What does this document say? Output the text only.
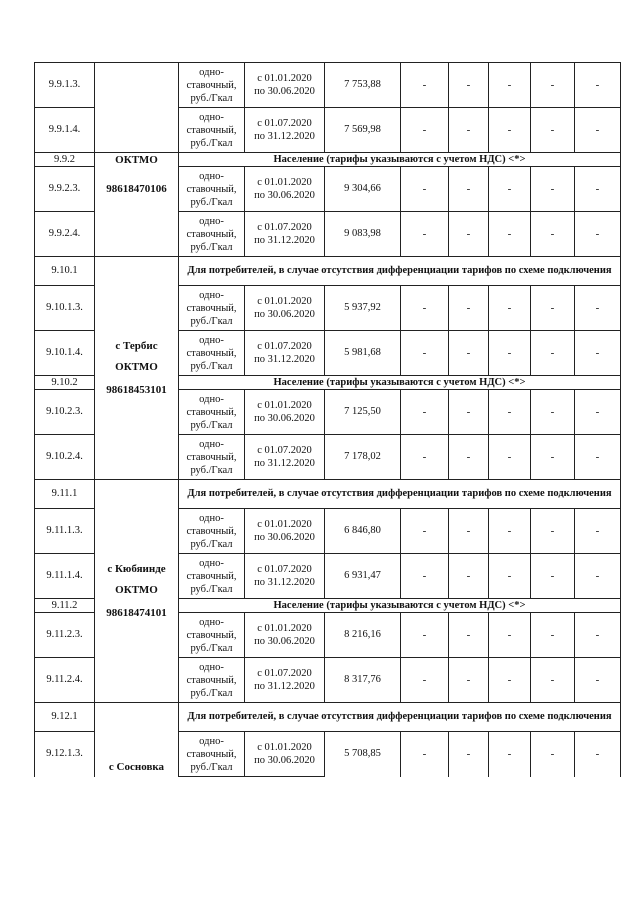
9.9.1.3.		одно-
ставочный,
руб./Гкал	с 01.01.2020
по 30.06.2020	7 753,88	-	-	-	-	-
9.9.1.4.		одно-
ставочный,
руб./Гкал	с 01.07.2020
по 31.12.2020	7 569,98	-	-	-	-	-
9.9.2	ОКТМО	Население (тарифы указываются с учетом НДС) <*>							
9.9.2.3.	98618470106	одно-
ставочный,
руб./Гкал	с 01.01.2020
по 30.06.2020	9 304,66	-	-	-	-	-
9.9.2.4.		одно-
ставочный,
руб./Гкал	с 01.07.2020
по 31.12.2020	9 083,98	-	-	-	-	-
9.10.1	с Тербис
ОКТМО
98618453101	Для потребителей, в случае отсутствия дифференциации тарифов по схеме подключения							
9.10.1.3.		одно-
ставочный,
руб./Гкал	с 01.01.2020
по 30.06.2020	5 937,92	-	-	-	-	-
9.10.1.4.		одно-
ставочный,
руб./Гкал	с 01.07.2020
по 31.12.2020	5 981,68	-	-	-	-	-
9.10.2		Население (тарифы указываются с учетом НДС) <*>							
9.10.2.3.		одно-
ставочный,
руб./Гкал	с 01.01.2020
по 30.06.2020	7 125,50	-	-	-	-	-
9.10.2.4.		одно-
ставочный,
руб./Гкал	с 01.07.2020
по 31.12.2020	7 178,02	-	-	-	-	-
9.11.1	с Кюбяинде
ОКТМО
98618474101	Для потребителей, в случае отсутствия дифференциации тарифов по схеме подключения							
9.11.1.3.		одно-
ставочный,
руб./Гкал	с 01.01.2020
по 30.06.2020	6 846,80	-	-	-	-	-
9.11.1.4.		одно-
ставочный,
руб./Гкал	с 01.07.2020
по 31.12.2020	6 931,47	-	-	-	-	-
9.11.2		Население (тарифы указываются с учетом НДС) <*>							
9.11.2.3.		одно-
ставочный,
руб./Гкал	с 01.01.2020
по 30.06.2020	8 216,16	-	-	-	-	-
9.11.2.4.		одно-
ставочный,
руб./Гкал	с 01.07.2020
по 31.12.2020	8 317,76	-	-	-	-	-
9.12.1	с Сосновка	Для потребителей, в случае отсутствия дифференциации тарифов по схеме подключения							
9.12.1.3.		одно-
ставочный,
руб./Гкал	с 01.01.2020
по 30.06.2020	5 708,85	-	-	-	-	-
